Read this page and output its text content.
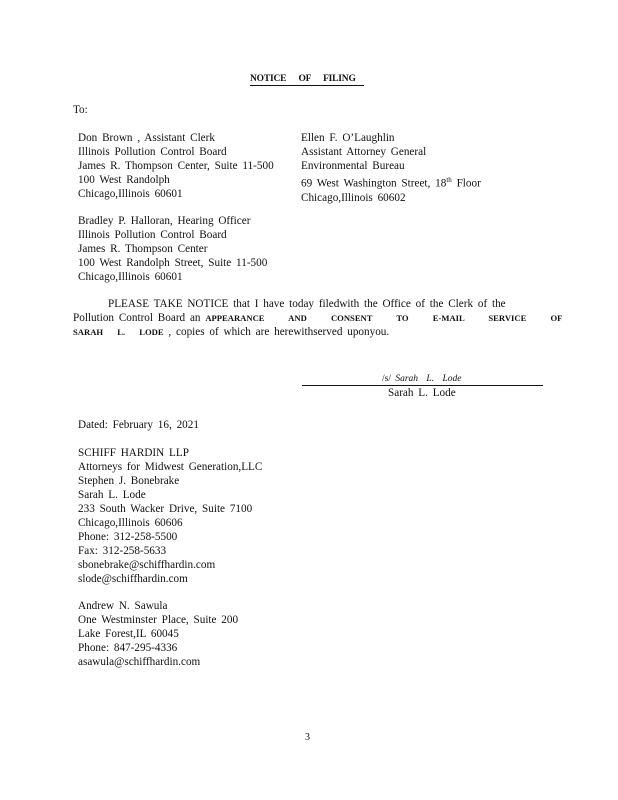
NOTICE OF FILING
To:
Don Brown , Assistant Clerk
Illinois Pollution Control Board
James R. Thompson Center, Suite 11-500
100 West Randolph
Chicago,Illinois 60601
Ellen F. O’Laughlin
Assistant Attorney General
Environmental Bureau
69 West Washington Street, 18th Floor
Chicago,Illinois 60602
Bradley P. Halloran, Hearing Officer
Illinois Pollution Control Board
James R. Thompson Center
100 West Randolph Street, Suite 11-500
Chicago,Illinois 60601
PLEASE TAKE NOTICE that I have today filedwith the Office of the Clerk of the
Pollution Control Board an APPEARANCE AND CONSENT TO E-MAIL SERVICE OF
SARAH L. LODE , copies of which are herewithserved uponyou.
/s/ Sarah L. Lode
Sarah L. Lode
Dated: February 16, 2021
SCHIFF HARDIN LLP
Attorneys for Midwest Generation,LLC
Stephen J. Bonebrake
Sarah L. Lode
233 South Wacker Drive, Suite 7100
Chicago,Illinois 60606
Phone: 312-258-5500
Fax: 312-258-5633
sbonebrake@schiffhardin.com
slode@schiffhardin.com
Andrew N. Sawula
One Westminster Place, Suite 200
Lake Forest,IL 60045
Phone: 847-295-4336
asawula@schiffhardin.com
3
